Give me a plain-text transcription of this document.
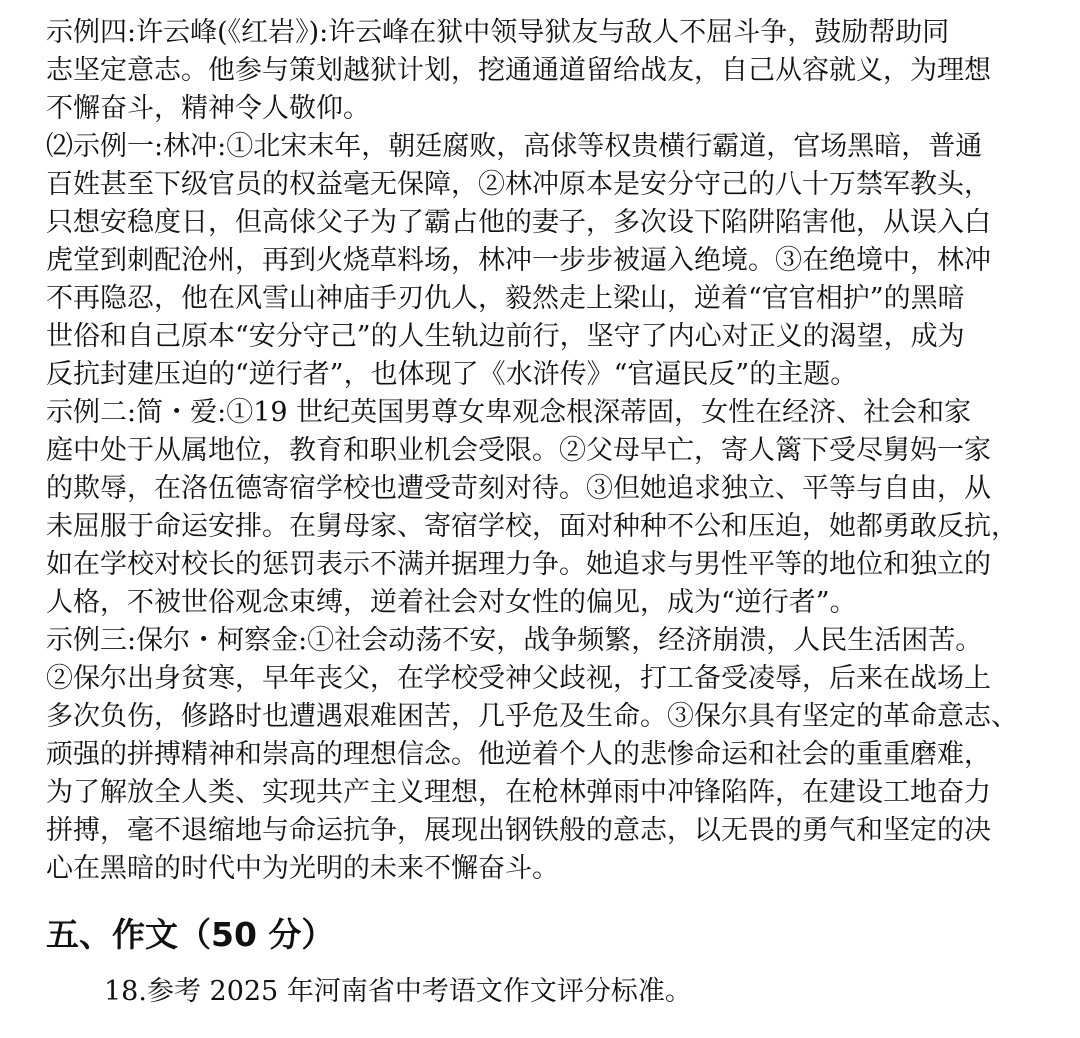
示例四:许云峰(《红岩》):许云峰在狱中领导狱友与敌人不屈斗争，鼓励帮助同
志坚定意志。他参与策划越狱计划，挖通通道留给战友，自己从容就义，为理想
不懈奋斗，精神令人敬仰。
⑵示例一:林冲:①北宋末年，朝廷腐败，高俅等权贵横行霸道，官场黑暗，普通
百姓甚至下级官员的权益毫无保障，②林冲原本是安分守己的八十万禁军教头，
只想安稳度日，但高俅父子为了霸占他的妻子，多次设下陷阱陷害他，从误入白
虎堂到刺配沧州，再到火烧草料场，林冲一步步被逼入绝境。③在绝境中，林冲
不再隐忍，他在风雪山神庙手刃仇人，毅然走上梁山，逆着“官官相护”的黑暗
世俗和自己原本“安分守己”的人生轨边前行，坚守了内心对正义的渴望，成为
反抗封建压迫的“逆行者”，也体现了《水浒传》“官逼民反”的主题。
示例二:简・爱:①19 世纪英国男尊女卑观念根深蒂固，女性在经济、社会和家
庭中处于从属地位，教育和职业机会受限。②父母早亡，寄人篱下受尽舅妈一家
的欺辱，在洛伍德寄宿学校也遭受苛刻对待。③但她追求独立、平等与自由，从
未屈服于命运安排。在舅母家、寄宿学校，面对种种不公和压迫，她都勇敢反抗，
如在学校对校长的惩罚表示不满并据理力争。她追求与男性平等的地位和独立的
人格，不被世俗观念束缚，逆着社会对女性的偏见，成为“逆行者”。
示例三:保尔・柯察金:①社会动荡不安，战争频繁，经济崩溃，人民生活困苦。
②保尔出身贫寒，早年丧父，在学校受神父歧视，打工备受凌辱，后来在战场上
多次负伤，修路时也遭遇艰难困苦，几乎危及生命。③保尔具有坚定的革命意志、
顽强的拼搏精神和崇高的理想信念。他逆着个人的悲惨命运和社会的重重磨难，
为了解放全人类、实现共产主义理想，在枪林弹雨中冲锋陷阵，在建设工地奋力
拼搏，毫不退缩地与命运抗争，展现出钢铁般的意志，以无畏的勇气和坚定的决
心在黑暗的时代中为光明的未来不懈奋斗。
五、作文（50 分）
18.参考 2025 年河南省中考语文作文评分标准。
